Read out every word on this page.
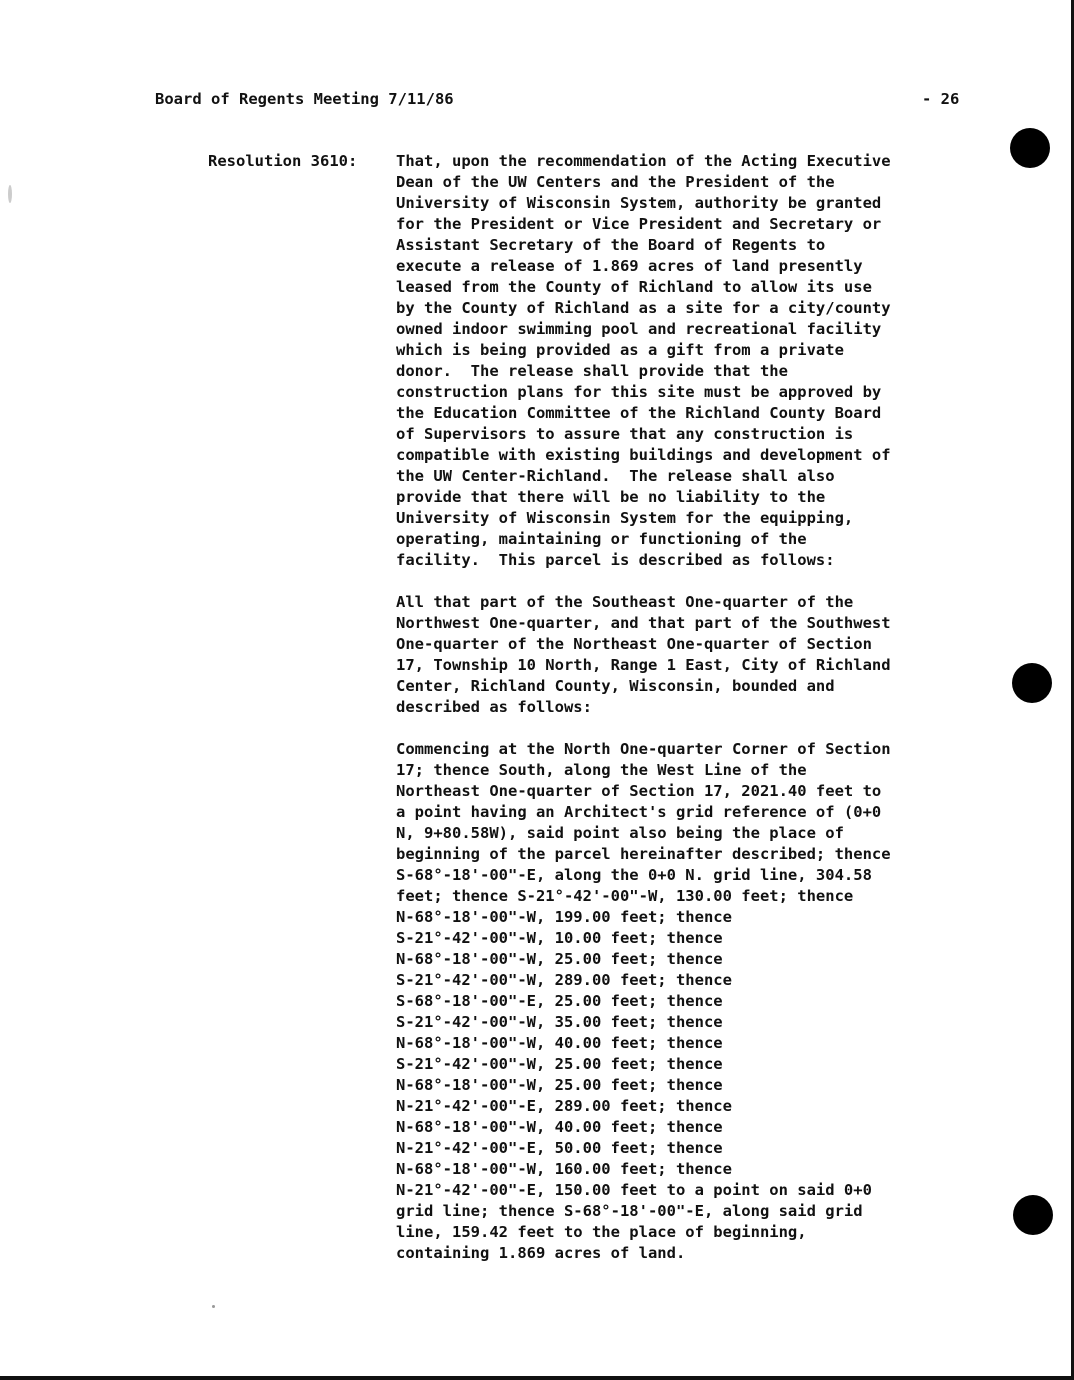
Board of Regents Meeting 7/11/86	- 26
Resolution 3610: That, upon the recommendation of the Acting Executive
Dean of the UW Centers and the President of the
University of Wisconsin System, authority be granted
for the President or Vice President and Secretary or
Assistant Secretary of the Board of Regents to
execute a release of 1.869 acres of land presently
leased from the County of Richland to allow its use
by the County of Richland as a site for a city/county
owned indoor swimming pool and recreational facility
which is being provided as a gift from a private
donor.  The release shall provide that the
construction plans for this site must be approved by
the Education Committee of the Richland County Board
of Supervisors to assure that any construction is
compatible with existing buildings and development of
the UW Center-Richland.  The release shall also
provide that there will be no liability to the
University of Wisconsin System for the equipping,
operating, maintaining or functioning of the
facility.  This parcel is described as follows:
All that part of the Southeast One-quarter of the
Northwest One-quarter, and that part of the Southwest
One-quarter of the Northeast One-quarter of Section
17, Township 10 North, Range 1 East, City of Richland
Center, Richland County, Wisconsin, bounded and
described as follows:
Commencing at the North One-quarter Corner of Section
17; thence South, along the West Line of the
Northeast One-quarter of Section 17, 2021.40 feet to
a point having an Architect's grid reference of (0+0
N, 9+80.58W), said point also being the place of
beginning of the parcel hereinafter described; thence
S-68°-18'-00"-E, along the 0+0 N. grid line, 304.58
feet; thence S-21°-42'-00"-W, 130.00 feet; thence
N-68°-18'-00"-W, 199.00 feet; thence
S-21°-42'-00"-W, 10.00 feet; thence
N-68°-18'-00"-W, 25.00 feet; thence
S-21°-42'-00"-W, 289.00 feet; thence
S-68°-18'-00"-E, 25.00 feet; thence
S-21°-42'-00"-W, 35.00 feet; thence
N-68°-18'-00"-W, 40.00 feet; thence
S-21°-42'-00"-W, 25.00 feet; thence
N-68°-18'-00"-W, 25.00 feet; thence
N-21°-42'-00"-E, 289.00 feet; thence
N-68°-18'-00"-W, 40.00 feet; thence
N-21°-42'-00"-E, 50.00 feet; thence
N-68°-18'-00"-W, 160.00 feet; thence
N-21°-42'-00"-E, 150.00 feet to a point on said 0+0
grid line; thence S-68°-18'-00"-E, along said grid
line, 159.42 feet to the place of beginning,
containing 1.869 acres of land.
